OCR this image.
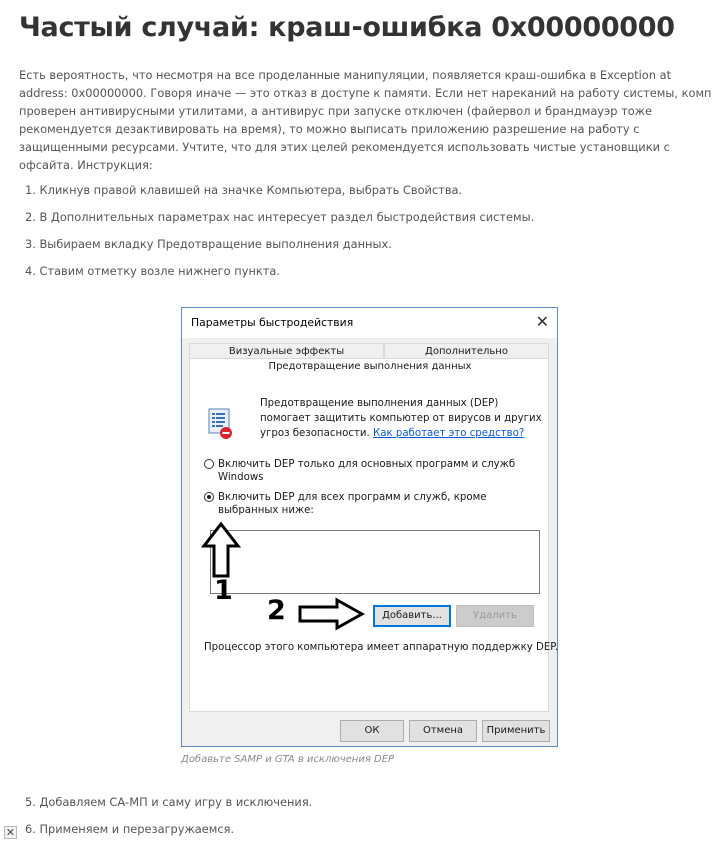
Частый случай: краш-ошибка 0x00000000

Есть вероятность, что несмотря на все проделанные манипуляции, появляется краш-ошибка в Exception at address: 0x00000000. Говоря иначе — это отказ в доступе к памяти. Если нет нареканий на работу системы, комп проверен антивирусными утилитами, а антивирус при запуске отключен (файервол и брандмауэр тоже рекомендуется дезактивировать на время), то можно выписать приложению разрешение на работу с защищенными ресурсами. Учтите, что для этих целей рекомендуется использовать чистые установщики с офсайта. Инструкция:

1. Кликнув правой клавишей на значке Компьютера, выбрать Свойства.
2. В Дополнительных параметрах нас интересует раздел быстродействия системы.
3. Выбираем вкладку Предотвращение выполнения данных.
4. Ставим отметку возле нижнего пункта.
Параметры быстродействия	✕
Визуальные эффекты	Дополнительно
Предотвращение выполнения данных
Предотвращение выполнения данных (DEP) помогает защитить компьютер от вирусов и других угроз безопасности. Как работает это средство?
Включить DEP только для основных программ и служб Windows
Включить DEP для всех программ и служб, кроме выбранных ниже:
Добавить...	Удалить
Процессор этого компьютера имеет аппаратную поддержку DEP.
ОК	Отмена	Применить
1
2
Добавьте SAMP и GTA в исключения DEP
5. Добавляем СА-МП и саму игру в исключения.
6. Применяем и перезагружаемся.
✕
